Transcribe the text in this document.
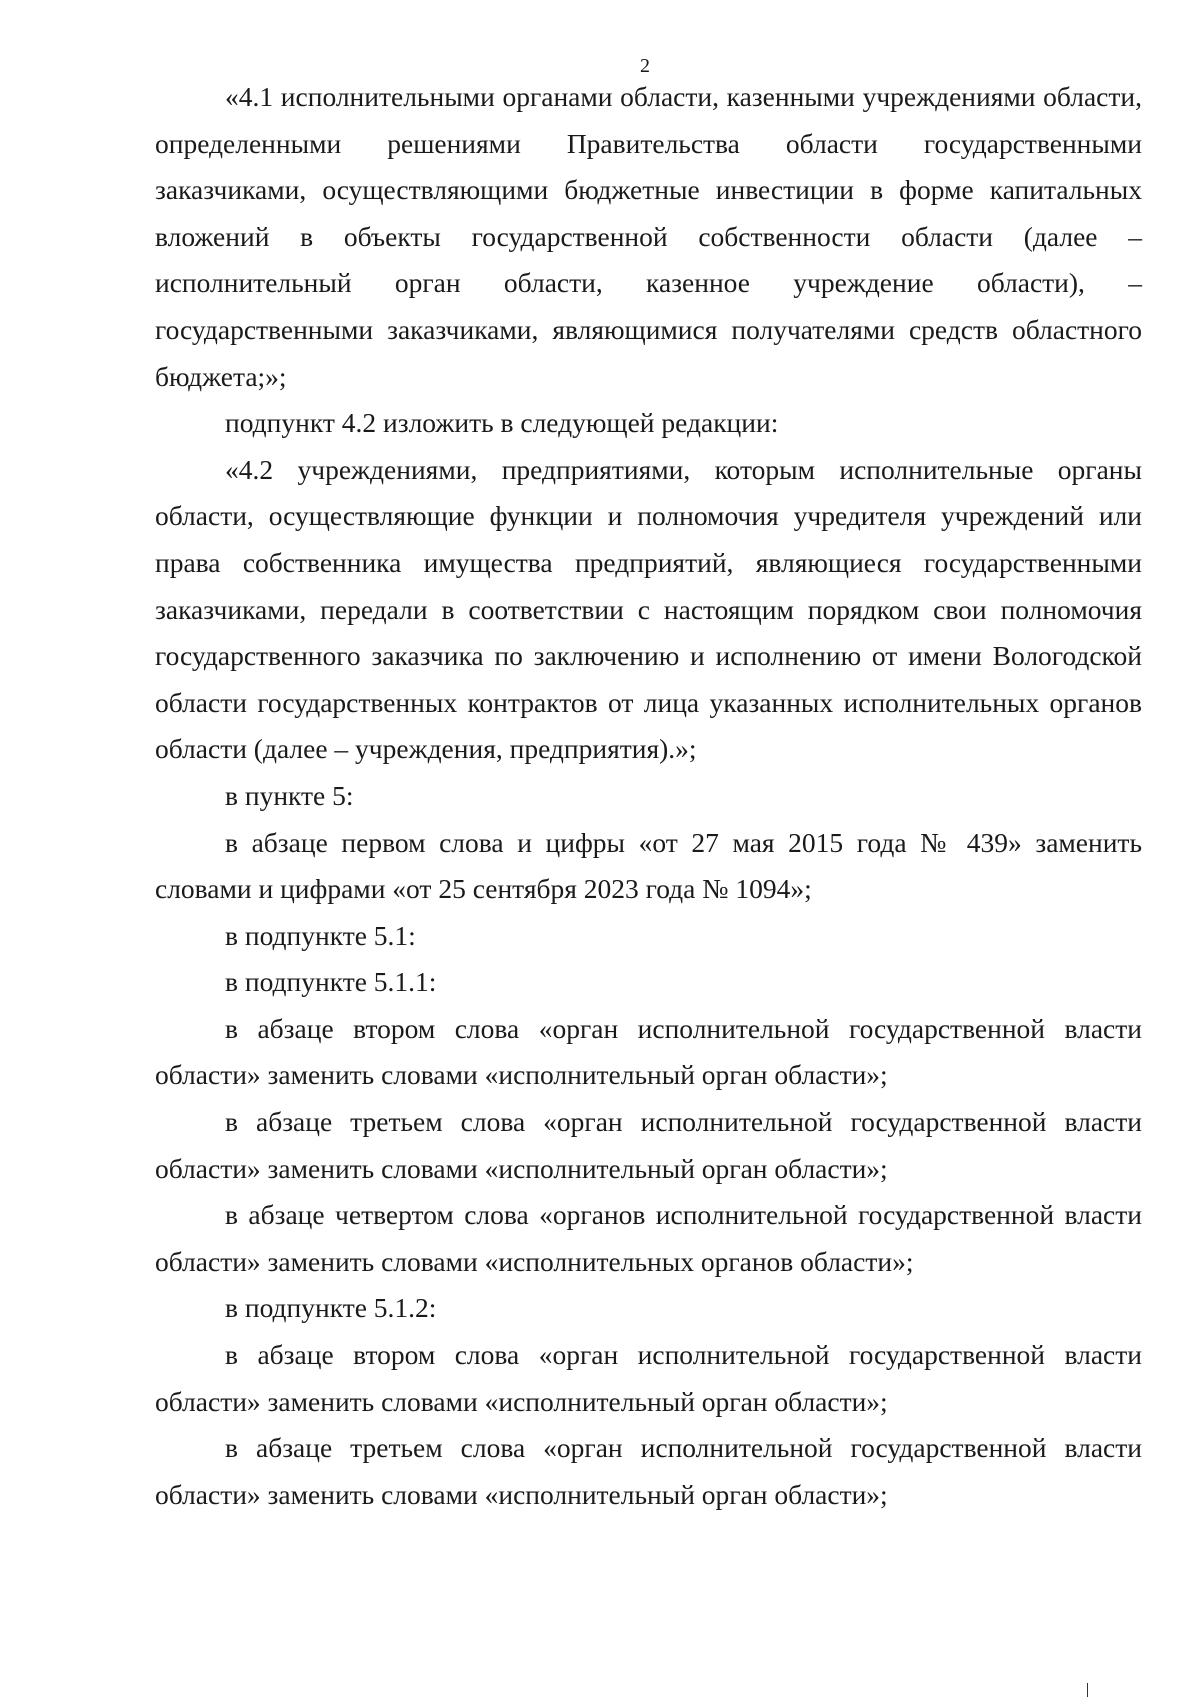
2

«4.1 исполнительными органами области, казенными учреждениями области, определенными решениями Правительства области государственными заказчиками, осуществляющими бюджетные инвестиции в форме капитальных вложений в объекты государственной собственности области (далее – исполнительный орган области, казенное учреждение области), – государственными заказчиками, являющимися получателями средств областного бюджета;»;

подпункт 4.2 изложить в следующей редакции:

«4.2 учреждениями, предприятиями, которым исполнительные органы области, осуществляющие функции и полномочия учредителя учреждений или права собственника имущества предприятий, являющиеся государственными заказчиками, передали в соответствии с настоящим порядком свои полномочия государственного заказчика по заключению и исполнению от имени Вологодской области государственных контрактов от лица указанных исполнительных органов области (далее – учреждения, предприятия).»;

в пункте 5:

в абзаце первом слова и цифры «от 27 мая 2015 года № 439» заменить словами и цифрами «от 25 сентября 2023 года № 1094»;

в подпункте 5.1:

в подпункте 5.1.1:

в абзаце втором слова «орган исполнительной государственной власти области» заменить словами «исполнительный орган области»;

в абзаце третьем слова «орган исполнительной государственной власти области» заменить словами «исполнительный орган области»;

в абзаце четвертом слова «органов исполнительной государственной власти области» заменить словами «исполнительных органов области»;

в подпункте 5.1.2:

в абзаце втором слова «орган исполнительной государственной власти области» заменить словами «исполнительный орган области»;

в абзаце третьем слова «орган исполнительной государственной власти области» заменить словами «исполнительный орган области»;
